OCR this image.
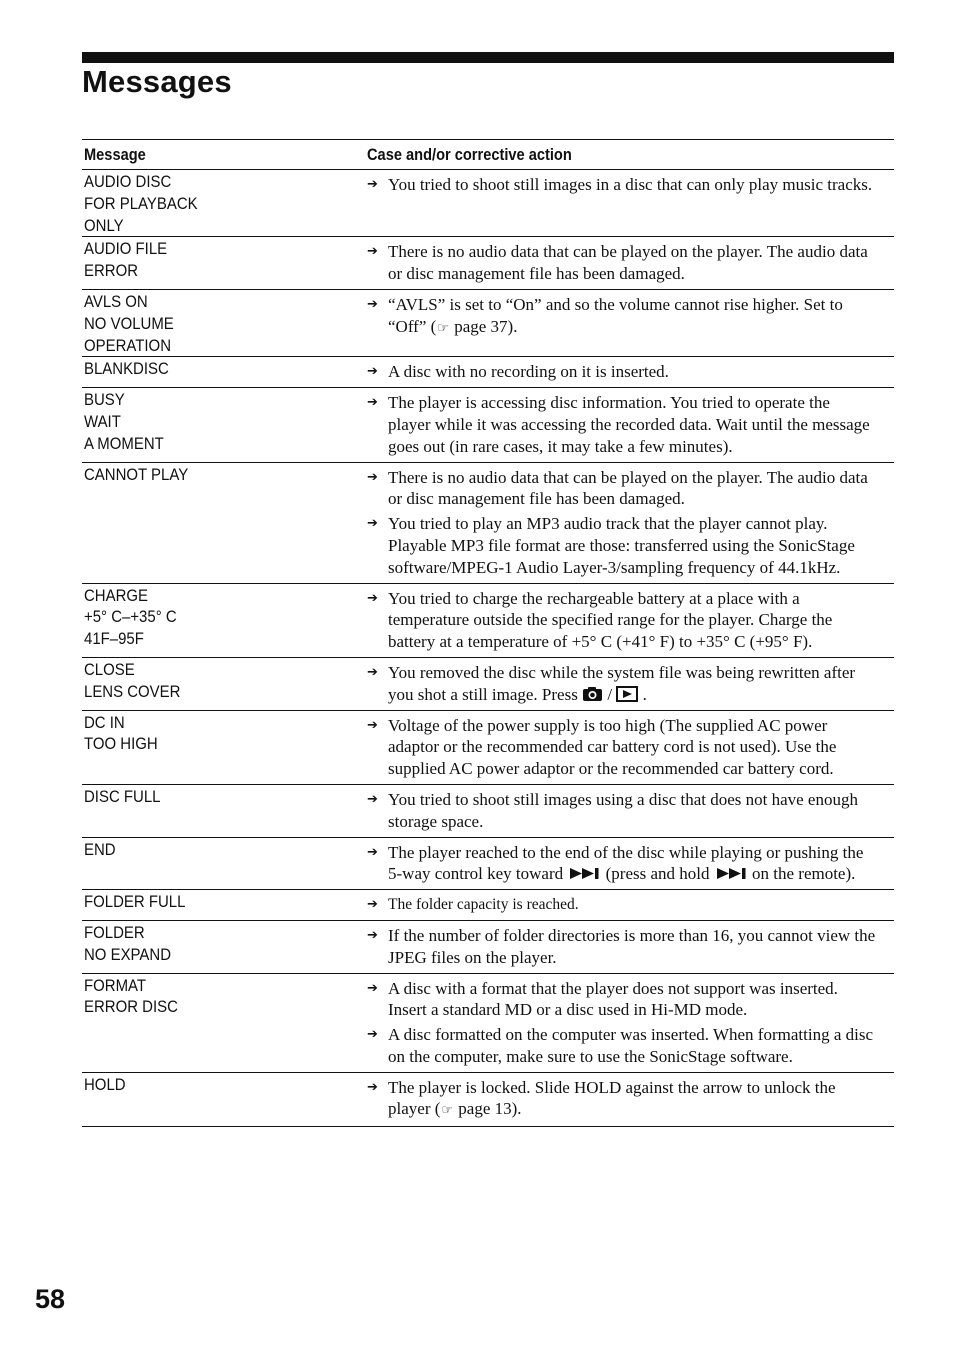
Messages
Message	Case and/or corrective action
AUDIO DISC
FOR PLAYBACK
ONLY
➔ You tried to shoot still images in a disc that can only play music tracks.
AUDIO FILE
ERROR
➔ There is no audio data that can be played on the player. The audio data or disc management file has been damaged.
AVLS ON
NO VOLUME
OPERATION
➔ “AVLS” is set to “On” and so the volume cannot rise higher. Set to “Off” (☞ page 37).
BLANKDISC	➔ A disc with no recording on it is inserted.
BUSY
WAIT
A MOMENT
➔ The player is accessing disc information. You tried to operate the player while it was accessing the recorded data. Wait until the message goes out (in rare cases, it may take a few minutes).
CANNOT PLAY	➔ There is no audio data that can be played on the player. The audio data or disc management file has been damaged.
➔ You tried to play an MP3 audio track that the player cannot play. Playable MP3 file format are those: transferred using the SonicStage software/MPEG-1 Audio Layer-3/sampling frequency of 44.1kHz.
CHARGE
+5° C–+35° C
41F–95F
➔ You tried to charge the rechargeable battery at a place with a temperature outside the specified range for the player. Charge the battery at a temperature of +5° C (+41° F) to +35° C (+95° F).
CLOSE
LENS COVER
➔ You removed the disc while the system file was being rewritten after you shot a still image. Press  /  .
DC IN
TOO HIGH
➔ Voltage of the power supply is too high (The supplied AC power adaptor or the recommended car battery cord is not used). Use the supplied AC power adaptor or the recommended car battery cord.
DISC FULL	➔ You tried to shoot still images using a disc that does not have enough storage space.
END	➔ The player reached to the end of the disc while playing or pushing the 5-way control key toward  (press and hold  on the remote).
FOLDER FULL	➔ The folder capacity is reached.
FOLDER
NO EXPAND
➔ If the number of folder directories is more than 16, you cannot view the JPEG files on the player.
FORMAT
ERROR DISC
➔ A disc with a format that the player does not support was inserted. Insert a standard MD or a disc used in Hi-MD mode.
➔ A disc formatted on the computer was inserted. When formatting a disc on the computer, make sure to use the SonicStage software.
HOLD	➔ The player is locked. Slide HOLD against the arrow to unlock the player (☞ page 13).
58
